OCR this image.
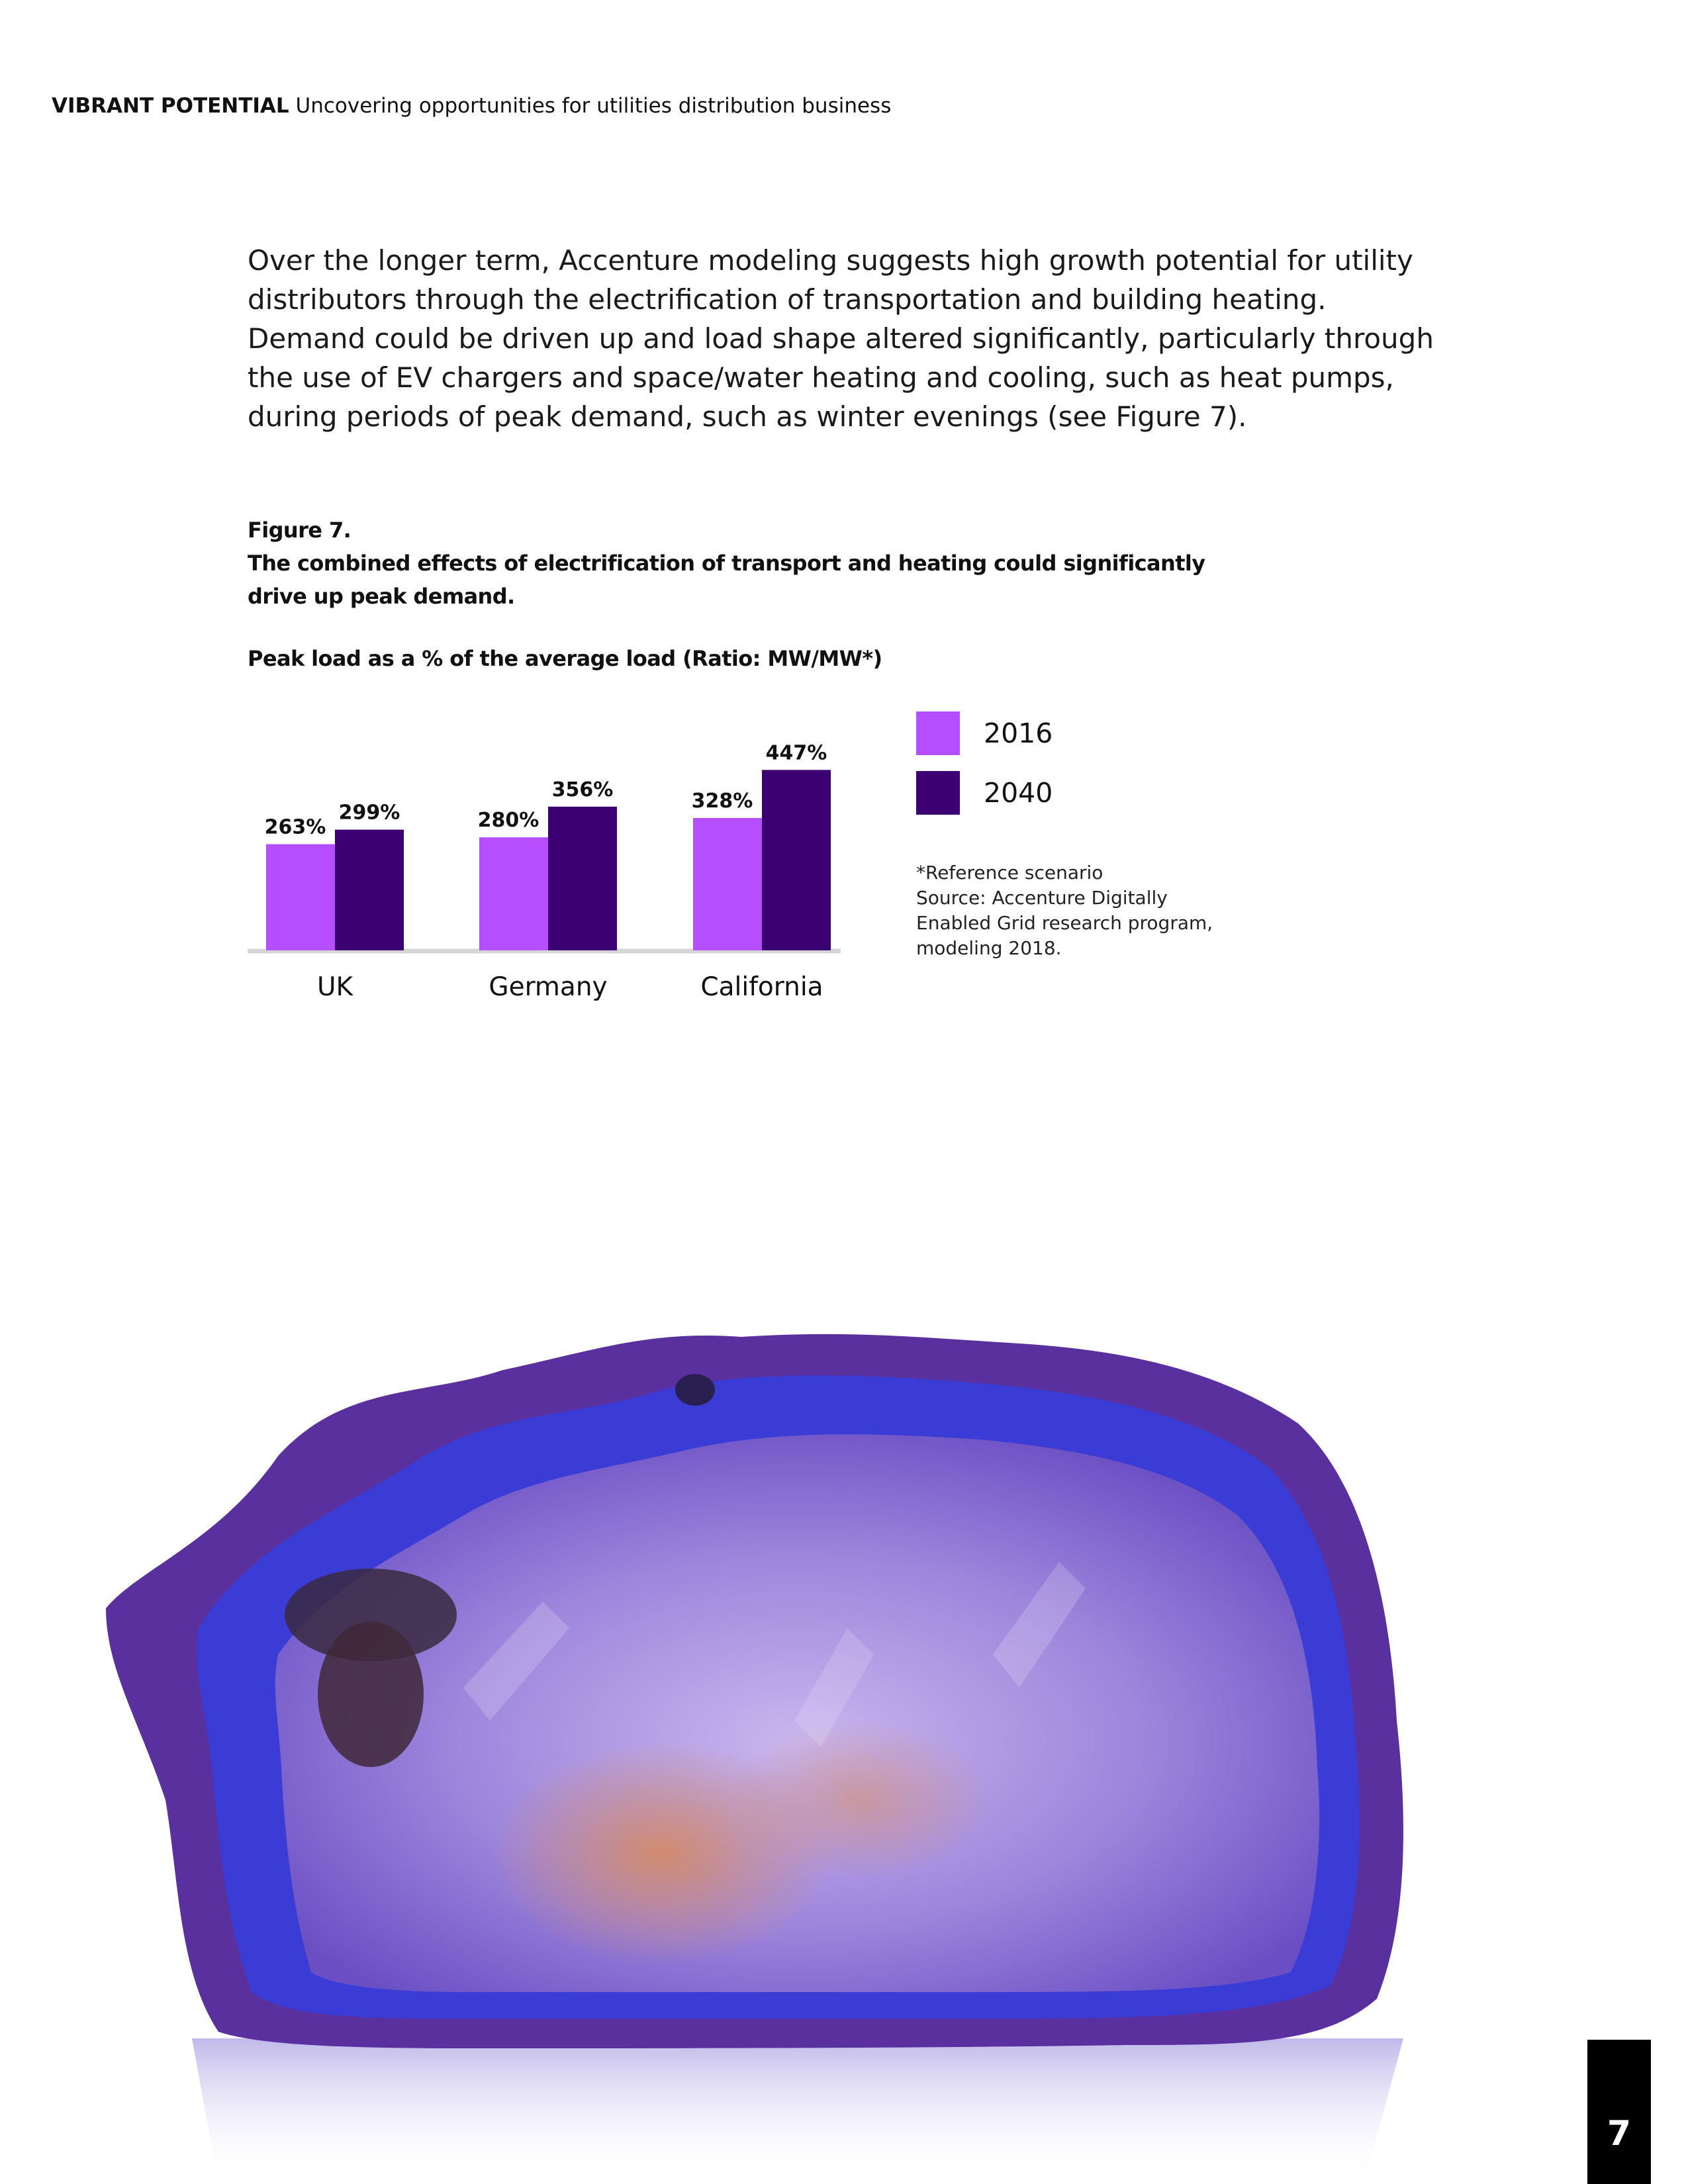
VIBRANT POTENTIAL Uncovering opportunities for utilities distribution business
Over the longer term, Accenture modeling suggests high growth potential for utility distributors through the electrification of transportation and building heating. Demand could be driven up and load shape altered significantly, particularly through the use of EV chargers and space/water heating and cooling, such as heat pumps, during periods of peak demand, such as winter evenings (see Figure 7).
Figure 7.
The combined effects of electrification of transport and heating could significantly
drive up peak demand.
Peak load as a % of the average load (Ratio: MW/MW*)
263%
299%
UK
280%
356%
Germany
328%
447%
California
2016
2040
*Reference scenario
Source: Accenture Digitally
Enabled Grid research program,
modeling 2018.
7
